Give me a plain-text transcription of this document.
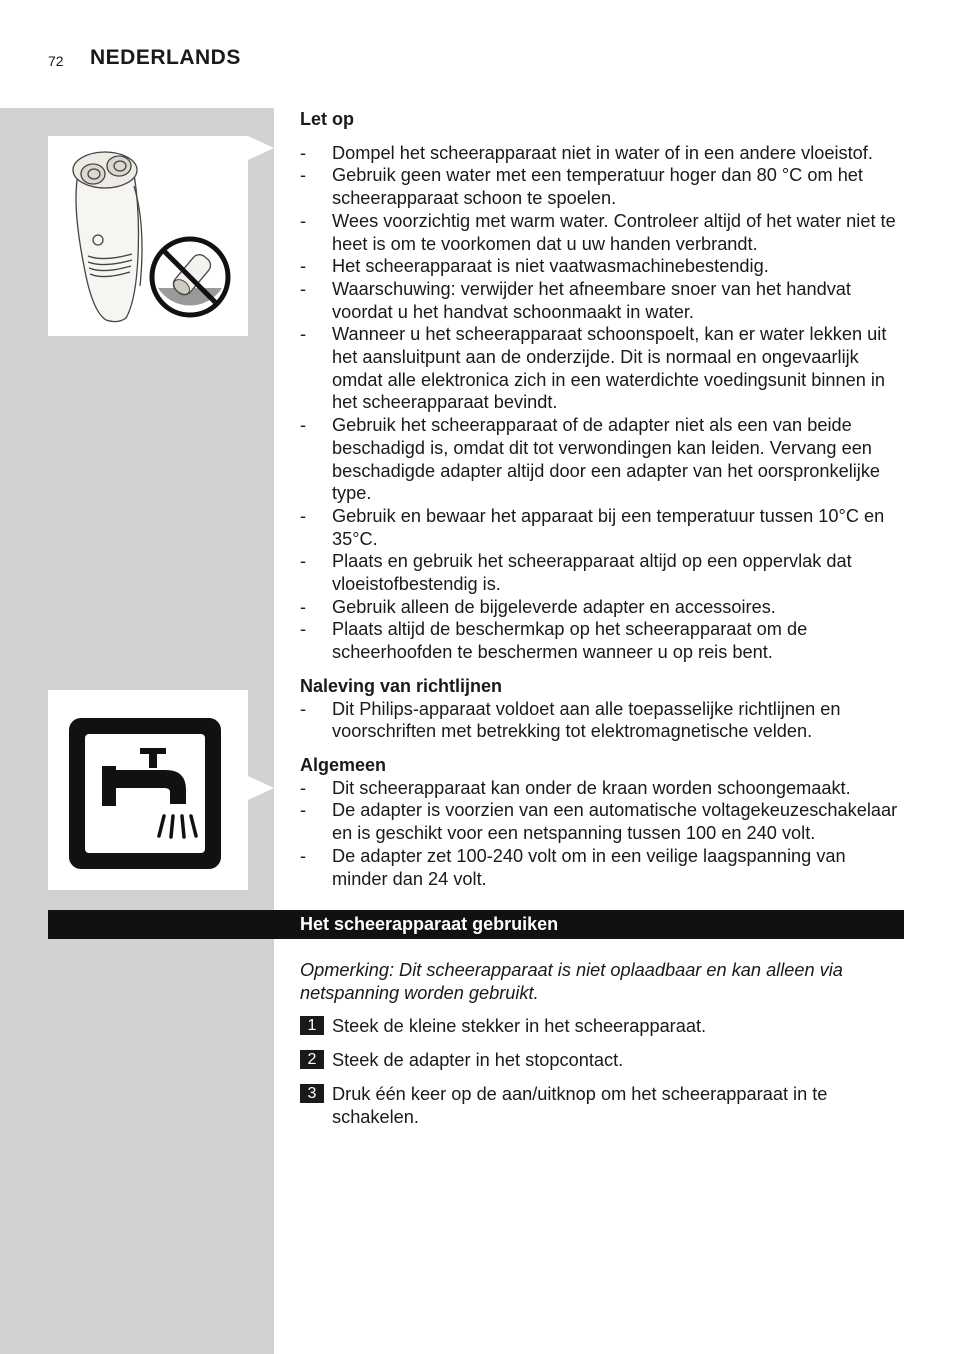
72 NEDERLANDS
Let op
- Dompel het scheerapparaat niet in water of in een andere vloeistof.
- Gebruik geen water met een temperatuur hoger dan 80 °C om het scheerapparaat schoon te spoelen.
- Wees voorzichtig met warm water. Controleer altijd of het water niet te heet is om te voorkomen dat u uw handen verbrandt.
- Het scheerapparaat is niet vaatwasmachinebestendig.
- Waarschuwing: verwijder het afneembare snoer van het handvat voordat u het handvat schoonmaakt in water.
- Wanneer u het scheerapparaat schoonspoelt, kan er water lekken uit het aansluitpunt aan de onderzijde. Dit is normaal en ongevaarlijk omdat alle elektronica zich in een waterdichte voedingsunit binnen in het scheerapparaat bevindt.
- Gebruik het scheerapparaat of de adapter niet als een van beide beschadigd is, omdat dit tot verwondingen kan leiden. Vervang een beschadigde adapter altijd door een adapter van het oorspronkelijke type.
- Gebruik en bewaar het apparaat bij een temperatuur tussen 10°C en 35°C.
- Plaats en gebruik het scheerapparaat altijd op een oppervlak dat vloeistofbestendig is.
- Gebruik alleen de bijgeleverde adapter en accessoires.
- Plaats altijd de beschermkap op het scheerapparaat om de scheerhoofden te beschermen wanneer u op reis bent.
Naleving van richtlijnen
- Dit Philips-apparaat voldoet aan alle toepasselijke richtlijnen en voorschriften met betrekking tot elektromagnetische velden.
Algemeen
- Dit scheerapparaat kan onder de kraan worden schoongemaakt.
- De adapter is voorzien van een automatische voltagekeuzeschakelaar en is geschikt voor een netspanning tussen 100 en 240 volt.
- De adapter zet 100-240 volt om in een veilige laagspanning van minder dan 24 volt.
Het scheerapparaat gebruiken

Opmerking: Dit scheerapparaat is niet oplaadbaar en kan alleen via netspanning worden gebruikt.

1 Steek de kleine stekker in het scheerapparaat.
2 Steek de adapter in het stopcontact.
3 Druk één keer op de aan/uitknop om het scheerapparaat in te schakelen.
